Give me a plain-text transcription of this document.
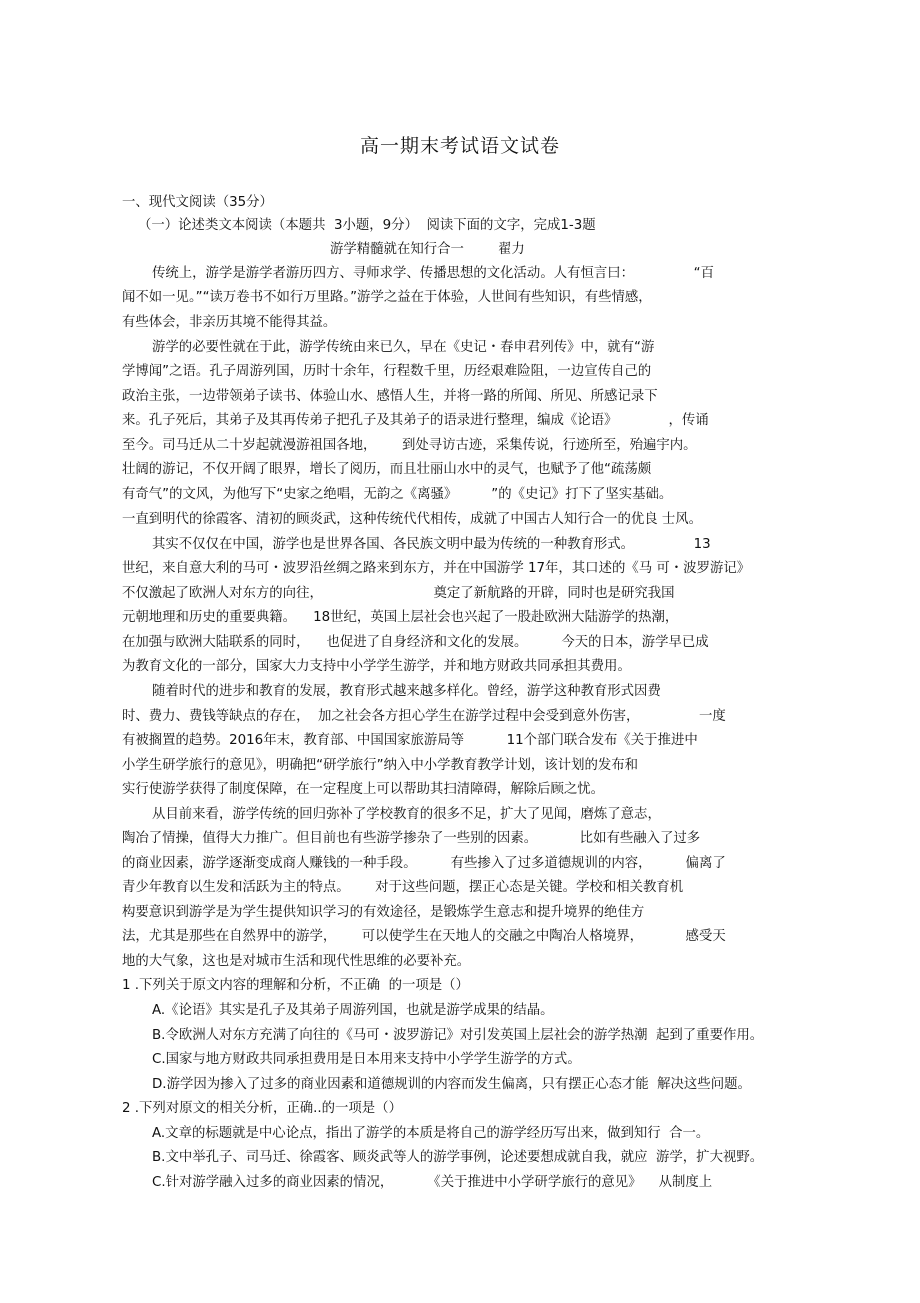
高一期末考试语文试卷
一、现代文阅读（35分）
（一）论述类文本阅读（本题共  3小题，9分）  阅读下面的文字，完成1-3题
游学精髓就在知行合一        翟力
传统上，游学是游学者游历四方、寻师求学、传播思想的文化活动。人有恒言曰：              “百
闻不如一见。”“读万卷书不如行万里路。”游学之益在于体验，人世间有些知识，有些情感，
有些体会，非亲历其境不能得其益。
游学的必要性就在于此，游学传统由来已久，早在《史记・春申君列传》中，就有“游
学博闻”之语。孔子周游列国，历时十余年，行程数千里，历经艰难险阻，一边宣传自己的
政治主张，一边带领弟子读书、体验山水、感悟人生，并将一路的所闻、所见、所感记录下
来。孔子死后，其弟子及其再传弟子把孔子及其弟子的语录进行整理，编成《论语》            ，传诵
至今。司马迁从二十岁起就漫游祖国各地，      到处寻访古迹，采集传说，行迹所至，殆遍宇内。
壮阔的游记，不仅开阔了眼界，增长了阅历，而且壮丽山水中的灵气，也赋予了他“疏荡颇
有奇气”的文风，为他写下“史家之绝唱，无韵之《离骚》        ”的《史记》打下了坚实基础。
一直到明代的徐霞客、清初的顾炎武，这种传统代代相传，成就了中国古人知行合一的优良 士风。
其实不仅仅在中国，游学也是世界各国、各民族文明中最为传统的一种教育形式。              13
世纪，来自意大利的马可・波罗沿丝绸之路来到东方，并在中国游学 17年，其口述的《马 可・波罗游记》
不仅激起了欧洲人对东方的向往，                          奠定了新航路的开辟，同时也是研究我国
元朝地理和历史的重要典籍。    18世纪，英国上层社会也兴起了一股赴欧洲大陆游学的热潮，
在加强与欧洲大陆联系的同时，    也促进了自身经济和文化的发展。        今天的日本，游学早已成
为教育文化的一部分，国家大力支持中小学学生游学，并和地方财政共同承担其费用。
随着时代的进步和教育的发展，教育形式越来越多样化。曾经，游学这种教育形式因费
时、费力、费钱等缺点的存在，  加之社会各方担心学生在游学过程中会受到意外伤害，              一度
有被搁置的趋势。2016年末，教育部、中国国家旅游局等          11个部门联合发布《关于推进中
小学生研学旅行的意见》，明确把“研学旅行”纳入中小学教育教学计划，该计划的发布和
实行使游学获得了制度保障，在一定程度上可以帮助其扫清障碍，解除后顾之忧。
从目前来看，游学传统的回归弥补了学校教育的很多不足，扩大了见闻，磨炼了意志，
陶冶了情操，值得大力推广。但目前也有些游学掺杂了一些别的因素。          比如有些融入了过多
的商业因素，游学逐渐变成商人赚钱的一种手段。        有些掺入了过多道德规训的内容，        偏离了
青少年教育以生发和活跃为主的特点。      对于这些问题，摆正心态是关键。学校和相关教育机
构要意识到游学是为学生提供知识学习的有效途径，是锻炼学生意志和提升境界的绝佳方
法，尤其是那些在自然界中的游学，      可以使学生在天地人的交融之中陶冶人格境界，          感受天
地的大气象，这也是对城市生活和现代性思维的必要补充。
1 .下列关于原文内容的理解和分析，不正确  的一项是（）
A.《论语》其实是孔子及其弟子周游列国，也就是游学成果的结晶。
B.令欧洲人对东方充满了向往的《马可・波罗游记》对引发英国上层社会的游学热潮  起到了重要作用。
C.国家与地方财政共同承担费用是日本用来支持中小学学生游学的方式。
D.游学因为掺入了过多的商业因素和道德规训的内容而发生偏离，只有摆正心态才能  解决这些问题。
2 .下列对原文的相关分析，正确..的一项是（）
A.文章的标题就是中心论点，指出了游学的本质是将自己的游学经历写出来，做到知行  合一。
B.文中举孔子、司马迁、徐霞客、顾炎武等人的游学事例，论述要想成就自我，就应  游学，扩大视野。
C.针对游学融入过多的商业因素的情况，        《关于推进中小学研学旅行的意见》    从制度上
